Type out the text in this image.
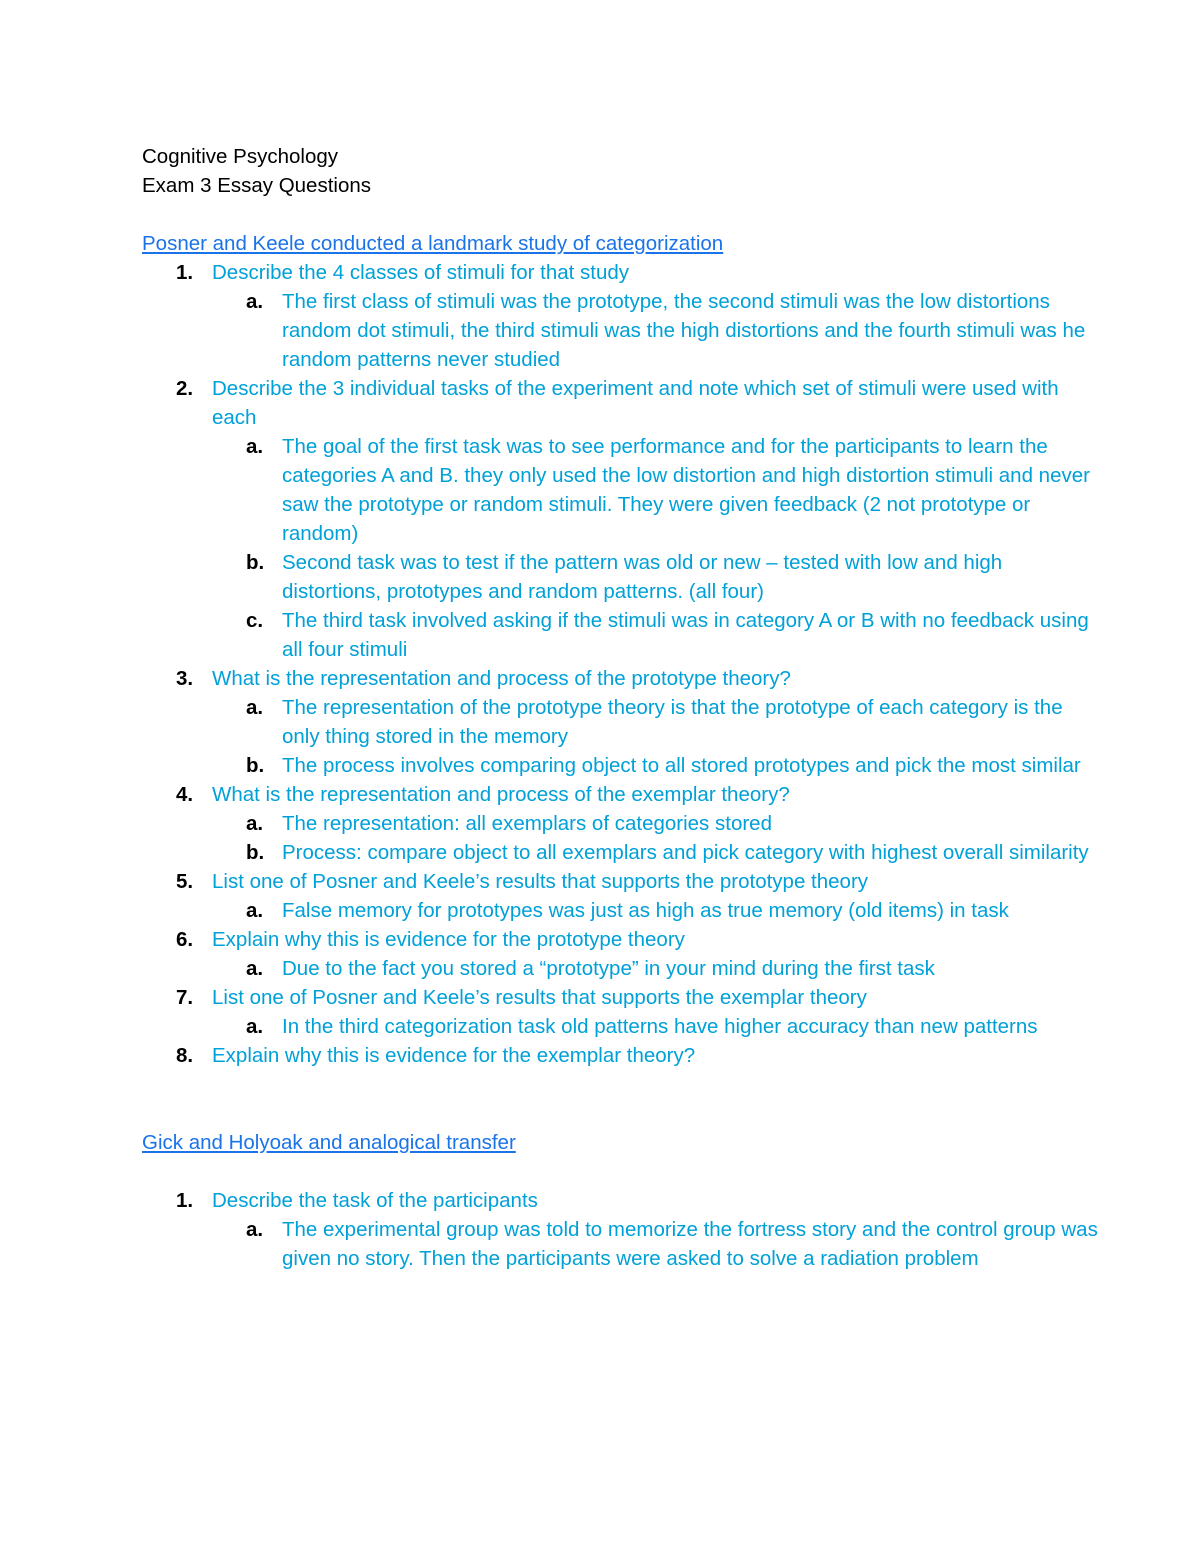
Cognitive Psychology

Exam 3 Essay Questions

Posner and Keele conducted a landmark study of categorization

1. Describe the 4 classes of stimuli for that study
a. The first class of stimuli was the prototype, the second stimuli was the low distortions random dot stimuli, the third stimuli was the high distortions and the fourth stimuli was he random patterns never studied
2. Describe the 3 individual tasks of the experiment and note which set of stimuli were used with each
a. The goal of the first task was to see performance and for the participants to learn the categories A and B. they only used the low distortion and high distortion stimuli and never saw the prototype or random stimuli. They were given feedback (2 not prototype or random)
b. Second task was to test if the pattern was old or new – tested with low and high distortions, prototypes and random patterns. (all four)
c. The third task involved asking if the stimuli was in category A or B with no feedback using all four stimuli
3. What is the representation and process of the prototype theory?
a. The representation of the prototype theory is that the prototype of each category is the only thing stored in the memory
b. The process involves comparing object to all stored prototypes and pick the most similar
4. What is the representation and process of the exemplar theory?
a. The representation: all exemplars of categories stored
b. Process: compare object to all exemplars and pick category with highest overall similarity
5. List one of Posner and Keele’s results that supports the prototype theory
a. False memory for prototypes was just as high as true memory (old items) in task
6. Explain why this is evidence for the prototype theory
a. Due to the fact you stored a “prototype” in your mind during the first task
7. List one of Posner and Keele’s results that supports the exemplar theory
a. In the third categorization task old patterns have higher accuracy than new patterns
8. Explain why this is evidence for the exemplar theory?

Gick and Holyoak and analogical transfer

1. Describe the task of the participants
a. The experimental group was told to memorize the fortress story and the control group was given no story. Then the participants were asked to solve a radiation problem
